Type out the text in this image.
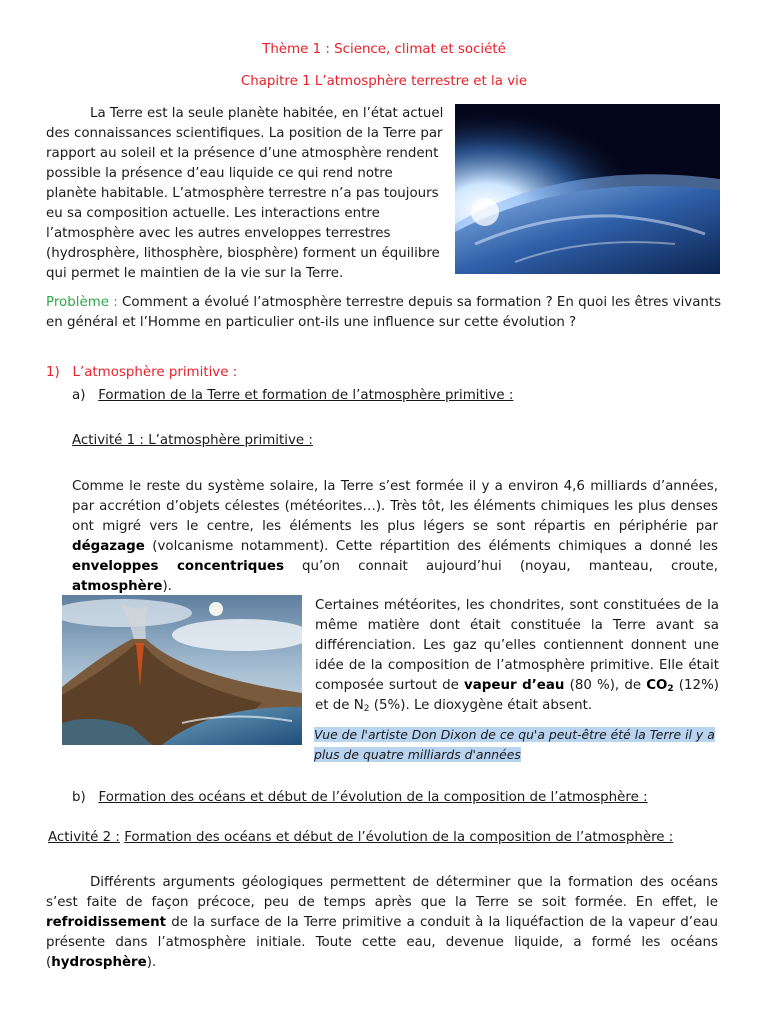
Thème 1 : Science, climat et société
Chapitre 1 L’atmosphère terrestre et la vie
La Terre est la seule planète habitée, en l’état actuel des connaissances scientifiques. La position de la Terre par rapport au soleil et la présence d’une atmosphère rendent possible la présence d’eau liquide ce qui rend notre planète habitable. L’atmosphère terrestre n’a pas toujours eu sa composition actuelle. Les interactions entre l’atmosphère avec les autres enveloppes terrestres (hydrosphère, lithosphère, biosphère) forment un équilibre qui permet le maintien de la vie sur la Terre.
Problème : Comment a évolué l’atmosphère terrestre depuis sa formation ? En quoi les êtres vivants en général et l’Homme en particulier ont-ils une influence sur cette évolution ?
1)   L’atmosphère primitive :
a)   Formation de la Terre et formation de l’atmosphère primitive :
Activité 1 : L’atmosphère primitive :
Comme le reste du système solaire, la Terre s’est formée il y a environ 4,6 milliards d’années, par accrétion d’objets célestes (météorites…). Très tôt, les éléments chimiques les plus denses ont migré vers le centre, les éléments les plus légers se sont répartis en périphérie par dégazage (volcanisme notamment). Cette répartition des éléments chimiques a donné les enveloppes concentriques qu’on connait aujourd’hui (noyau, manteau, croute, atmosphère).
Certaines météorites, les chondrites, sont constituées de la même matière dont était constituée la Terre avant sa différenciation. Les gaz qu’elles contiennent donnent une idée de la composition de l’atmosphère primitive. Elle était composée surtout de vapeur d’eau (80 %), de $CO_2$ (12%) et de $N_2$ (5%). Le dioxygène était absent.
Vue de l'artiste Don Dixon de ce qu'a peut-être été la Terre il y a plus de quatre milliards d'années
b)   Formation des océans et début de l’évolution de la composition de l’atmosphère :
Activité 2 : Formation des océans et début de l’évolution de la composition de l’atmosphère :
Différents arguments géologiques permettent de déterminer que la formation des océans s’est faite de façon précoce, peu de temps après que la Terre se soit formée. En effet, le refroidissement de la surface de la Terre primitive a conduit à la liquéfaction de la vapeur d’eau présente dans l’atmosphère initiale. Toute cette eau, devenue liquide, a formé les océans (hydrosphère).
